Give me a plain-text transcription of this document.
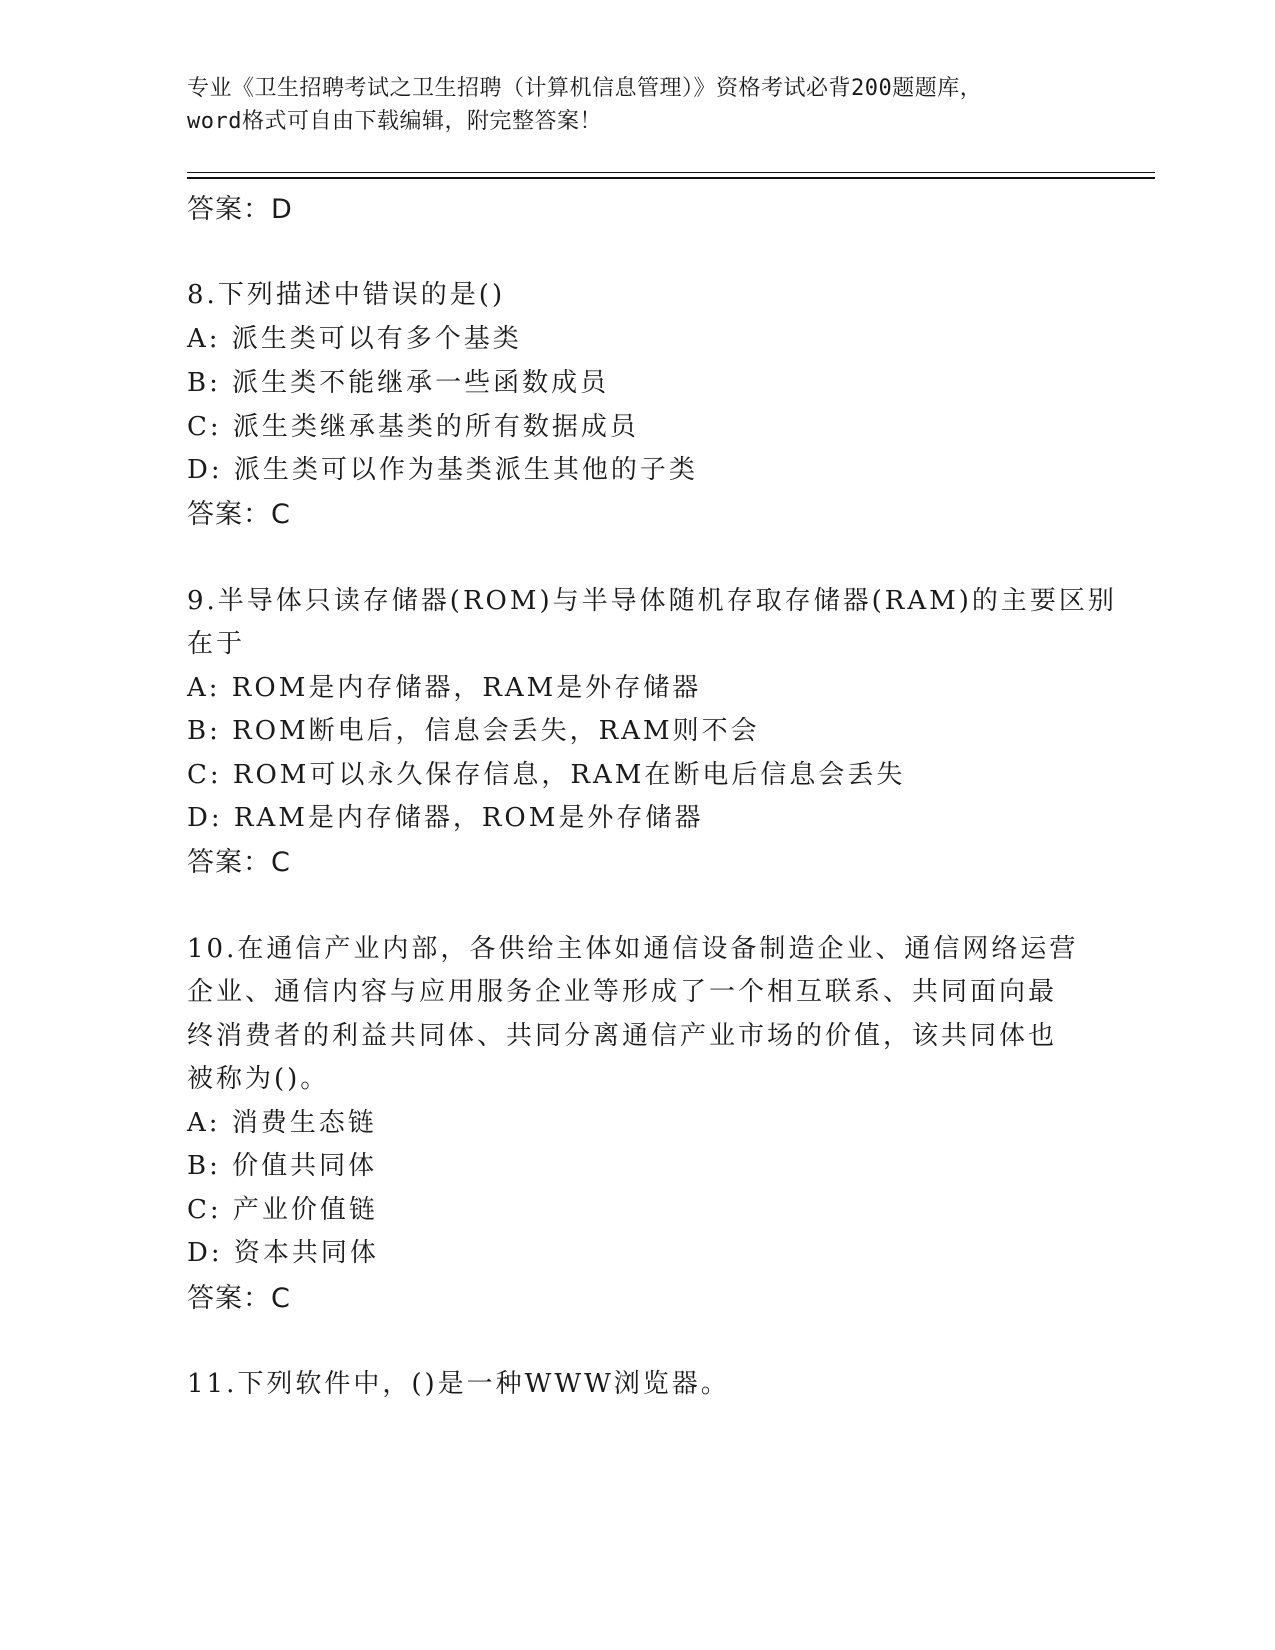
专业《卫生招聘考试之卫生招聘（计算机信息管理）》资格考试必背200题题库，
word格式可自由下载编辑，附完整答案！
答案：D
8.下列描述中错误的是()
A: 派生类可以有多个基类
B: 派生类不能继承一些函数成员
C: 派生类继承基类的所有数据成员
D: 派生类可以作为基类派生其他的子类
答案：C
9.半导体只读存储器(ROM)与半导体随机存取存储器(RAM)的主要区别
在于
A: ROM是内存储器，RAM是外存储器
B: ROM断电后，信息会丢失，RAM则不会
C: ROM可以永久保存信息，RAM在断电后信息会丢失
D: RAM是内存储器，ROM是外存储器
答案：C
10.在通信产业内部，各供给主体如通信设备制造企业、通信网络运营
企业、通信内容与应用服务企业等形成了一个相互联系、共同面向最
终消费者的利益共同体、共同分离通信产业市场的价值，该共同体也
被称为()。
A: 消费生态链
B: 价值共同体
C: 产业价值链
D: 资本共同体
答案：C
11.下列软件中，()是一种WWW浏览器。
